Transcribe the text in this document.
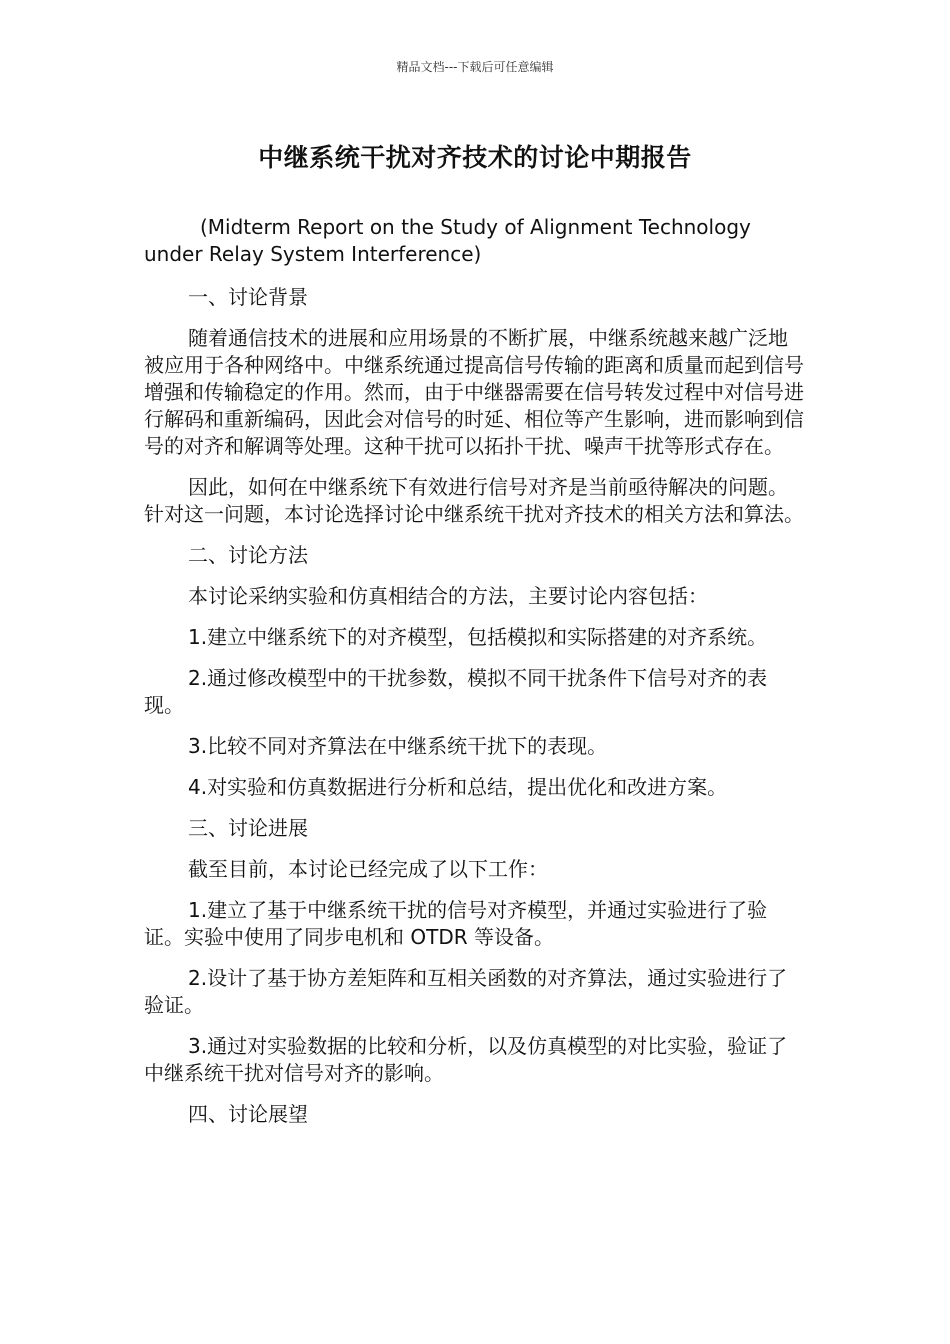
精品文档---下载后可任意编辑
中继系统干扰对齐技术的讨论中期报告

(Midterm Report on the Study of Alignment Technology under Relay System Interference)

一、讨论背景

随着通信技术的进展和应用场景的不断扩展，中继系统越来越广泛地被应用于各种网络中。中继系统通过提高信号传输的距离和质量而起到信号增强和传输稳定的作用。然而，由于中继器需要在信号转发过程中对信号进行解码和重新编码，因此会对信号的时延、相位等产生影响，进而影响到信号的对齐和解调等处理。这种干扰可以拓扑干扰、噪声干扰等形式存在。

因此，如何在中继系统下有效进行信号对齐是当前亟待解决的问题。针对这一问题，本讨论选择讨论中继系统干扰对齐技术的相关方法和算法。

二、讨论方法

本讨论采纳实验和仿真相结合的方法，主要讨论内容包括：

1.建立中继系统下的对齐模型，包括模拟和实际搭建的对齐系统。

2.通过修改模型中的干扰参数，模拟不同干扰条件下信号对齐的表现。

3.比较不同对齐算法在中继系统干扰下的表现。

4.对实验和仿真数据进行分析和总结，提出优化和改进方案。

三、讨论进展

截至目前，本讨论已经完成了以下工作：

1.建立了基于中继系统干扰的信号对齐模型，并通过实验进行了验证。实验中使用了同步电机和 OTDR 等设备。

2.设计了基于协方差矩阵和互相关函数的对齐算法，通过实验进行了验证。

3.通过对实验数据的比较和分析，以及仿真模型的对比实验，验证了中继系统干扰对信号对齐的影响。

四、讨论展望
